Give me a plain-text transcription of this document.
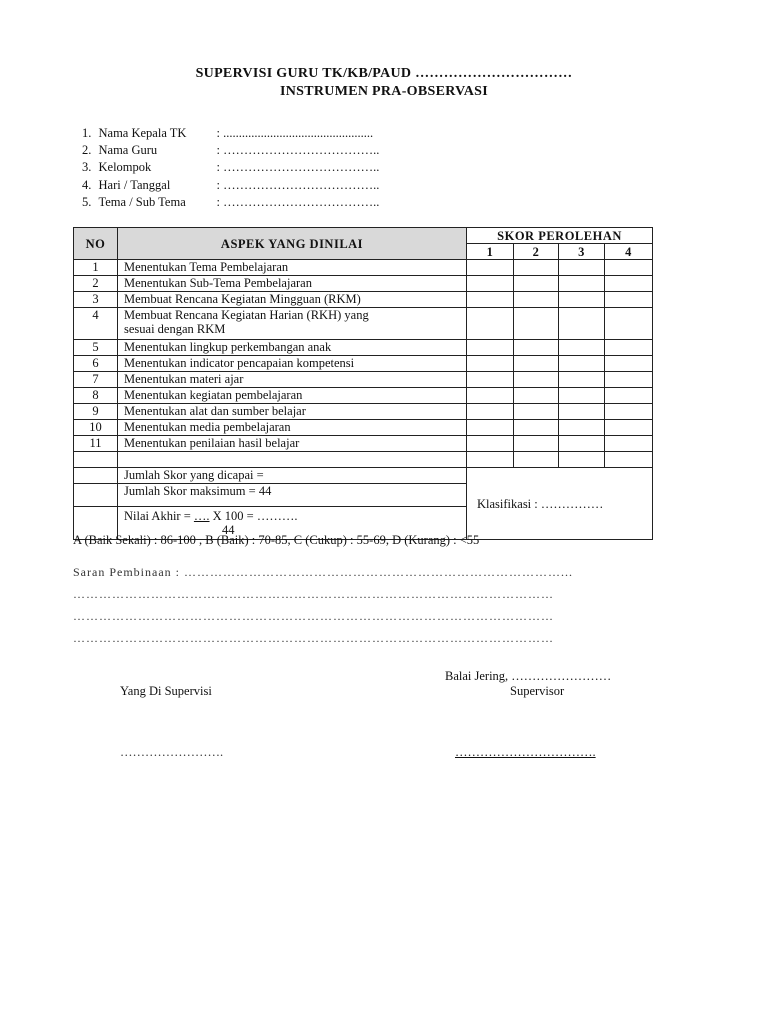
SUPERVISI GURU TK/KB/PAUD ……………………………
INSTRUMEN PRA-OBSERVASI
1. Nama Kepala TK : ................................................
2. Nama Guru	: ………………………………..
3. Kelompok	: ………………………………..
4. Hari / Tanggal	: ………………………………..
5. Tema / Sub Tema : ………………………………..
NO	ASPEK YANG DINILAI	SKOR PEROLEHAN			
		1	2	3	4
1	Menentukan Tema Pembelajaran				
2	Menentukan Sub-Tema Pembelajaran				
3	Membuat Rencana Kegiatan Mingguan (RKM)				
4	Membuat Rencana Kegiatan Harian (RKH) yang
sesuai dengan RKM				

5	Menentukan lingkup perkembangan anak				
6	Menentukan indicator pencapaian kompetensi				
7	Menentukan materi ajar				
8	Menentukan kegiatan pembelajaran				
9	Menentukan alat dan sumber belajar				
10	Menentukan media pembelajaran				
11	Menentukan penilaian hasil belajar				

	Jumlah Skor yang dicapai =	Klasifikasi : ……………			
	Jumlah Skor maksimum = 44				

	Nilai Akhir = …. X 100 = ……….
44				
A (Baik Sekali) : 86-100 , B (Baik) : 70-85, C (Cukup) : 55-69, D (Kurang) : <55
Saran Pembinaan : ……………………………………………………………………………...
…………………………………………………………………………………………………
…………………………………………………………………………………………………
…………………………………………………………………………………………………
Balai Jering, ……………………
Yang Di Supervisi	Supervisor
…………………….	…………………………….
